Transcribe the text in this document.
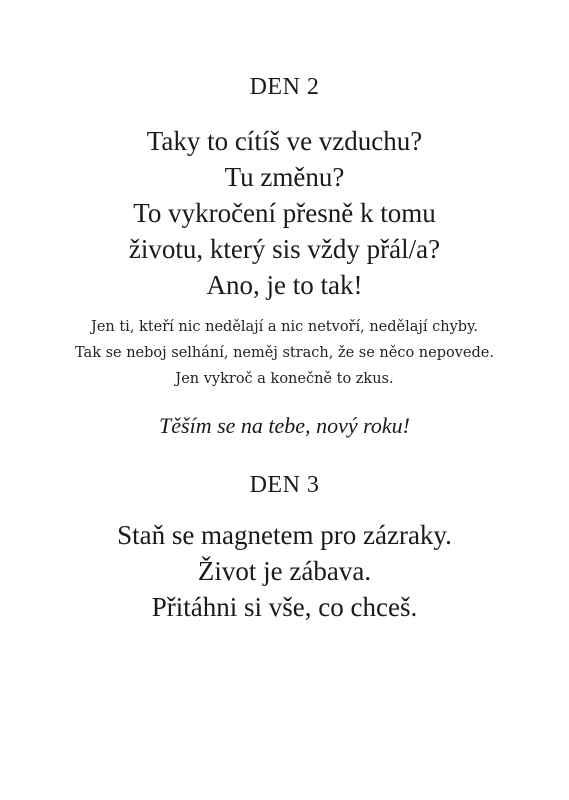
DEN 2
Taky to cítíš ve vzduchu?
Tu změnu?
To vykročení přesně k tomu
životu, který sis vždy přál/a?
Ano, je to tak!
Jen ti, kteří nic nedělají a nic netvoří, nedělají chyby.
Tak se neboj selhání, neměj strach, že se něco nepovede.
Jen vykroč a konečně to zkus.
Těším se na tebe, nový roku!
DEN 3
Staň se magnetem pro zázraky.
Život je zábava.
Přitáhni si vše, co chceš.
